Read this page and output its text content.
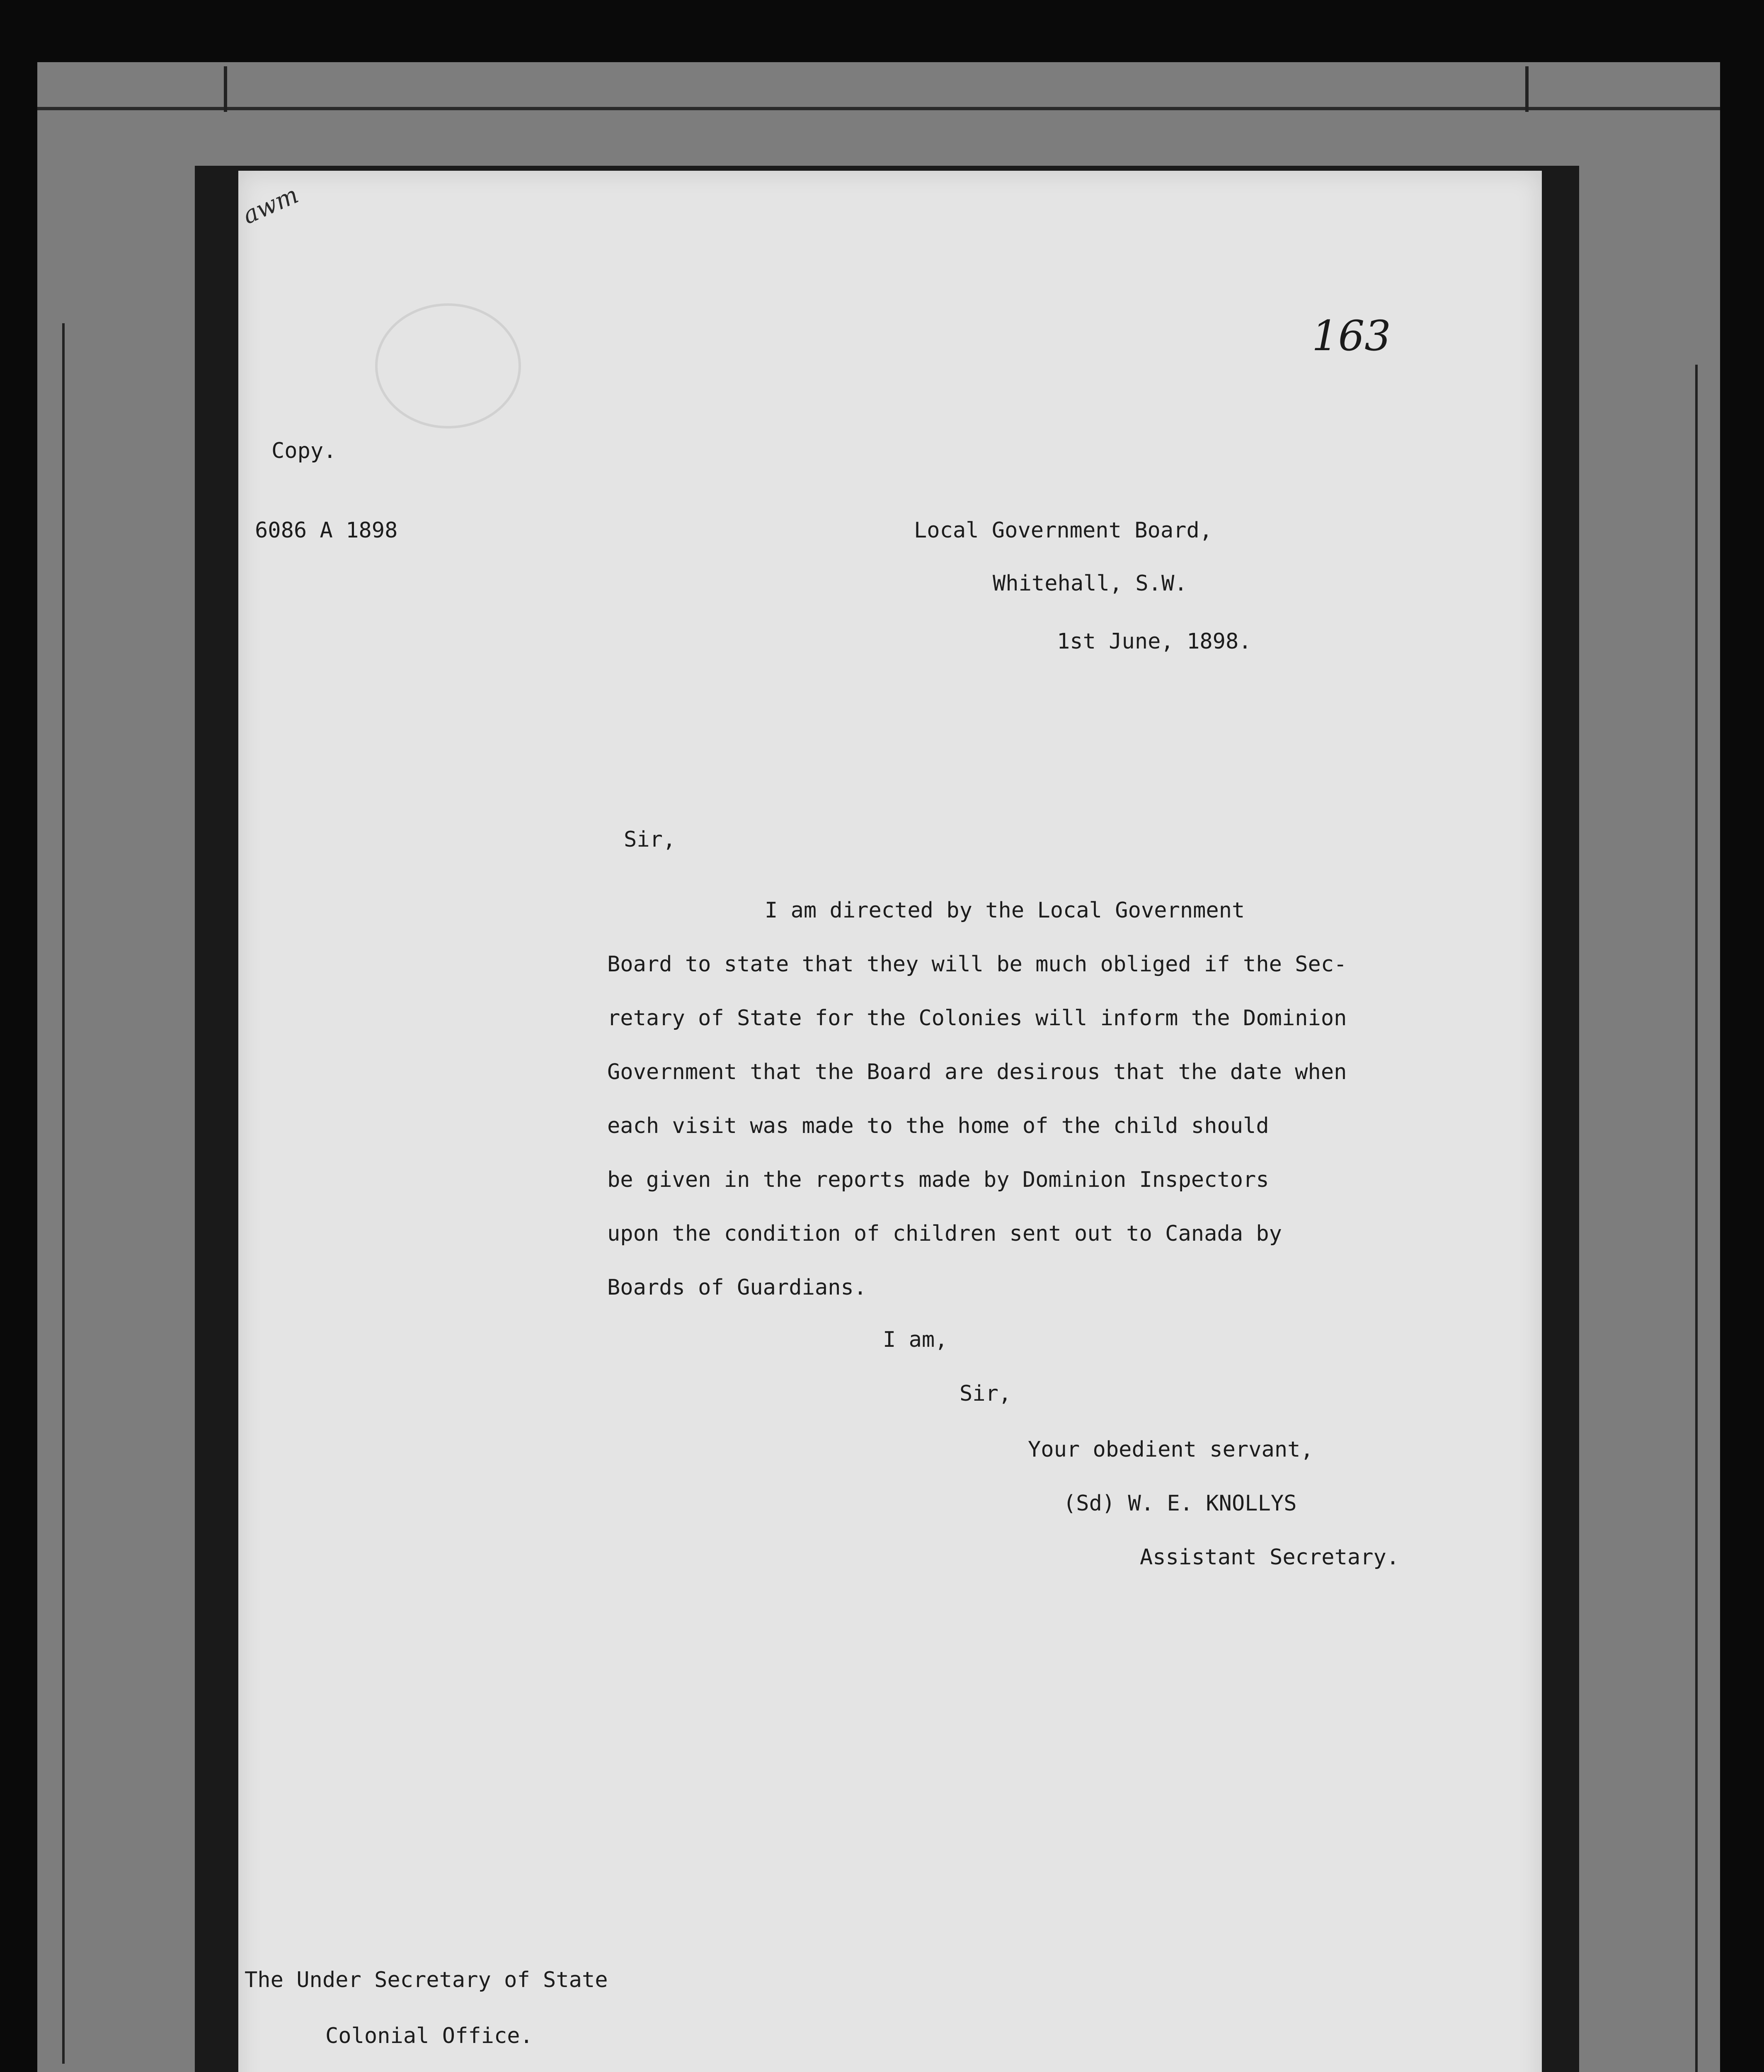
awm
163
Copy.
6086 A 1898	Local Government Board,
Whitehall, S.W.
1st June, 1898.
Sir,
I am directed by the Local Government
Board to state that they will be much obliged if the Sec-
retary of State for the Colonies will inform the Dominion
Government that the Board are desirous that the date when
each visit was made to the home of the child should
be given in the reports made by Dominion Inspectors
upon the condition of children sent out to Canada by
Boards of Guardians.
I am,
Sir,
Your obedient servant,
(Sd) W. E. KNOLLYS
Assistant Secretary.
The Under Secretary of State
Colonial Office.
